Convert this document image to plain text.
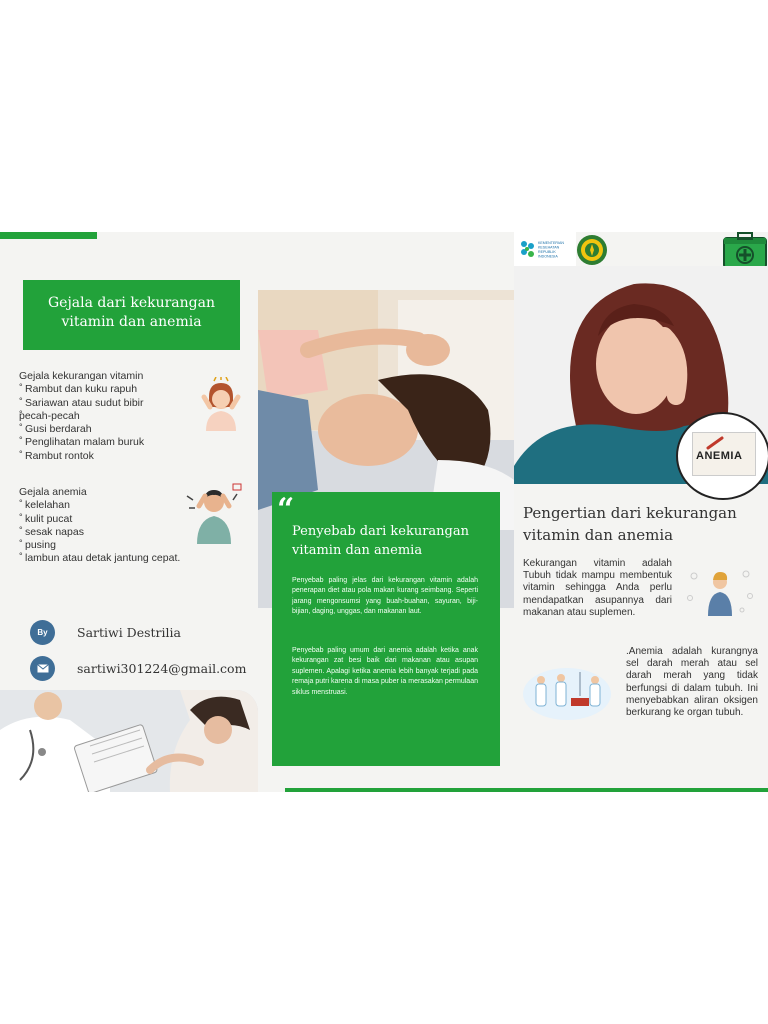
Gejala dari kekurangan
vitamin dan anemia
Gejala kekurangan vitamin
° Rambut dan kuku rapuh
° Sariawan atau sudut bibir
° pecah-pecah
° Gusi berdarah
° Penglihatan malam buruk
° Rambut rontok
Gejala anemia
° kelelahan
° kulit pucat
° sesak napas
° pusing
° lambun atau detak jantung cepat.
By	Sartiwi Destrilia
sartiwi301224@gmail.com
“
Penyebab dari kekurangan
vitamin dan anemia

Penyebab paling jelas dari kekurangan vitamin adalah penerapan diet atau pola makan kurang seimbang. Seperti jarang mengonsumsi yang buah-buahan, sayuran, biji-bijian, daging, unggas, dan makanan laut.

Penyebab paling umum dari anemia adalah ketika anak kekurangan zat besi baik dari makanan atau asupan suplemen. Apalagi ketika anemia lebih banyak terjadi pada remaja putri karena di masa puber ia merasakan permulaan siklus menstruasi.

KEMENTERIAN
KESEHATAN
REPUBLIK
INDONESIA
ANEMIA
Pengertian dari kekurangan
vitamin dan anemia

Kekurangan vitamin adalah Tubuh tidak mampu membentuk vitamin sehingga Anda perlu mendapatkan asupannya dari makanan atau suplemen.

.Anemia adalah kurangnya sel darah merah atau sel darah merah yang tidak berfungsi di dalam tubuh. Ini menyebabkan aliran oksigen berkurang ke organ tubuh.
